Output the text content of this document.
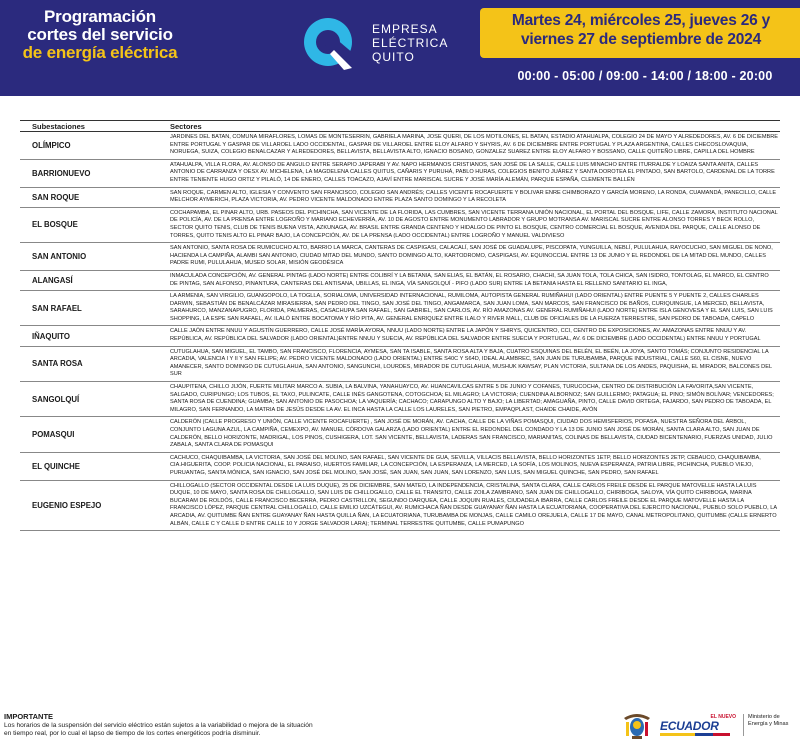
Programación
cortes del servicio
de energía eléctrica
EMPRESA
ELÉCTRICA
QUITO
Martes 24, miércoles 25, jueves 26 y
viernes 27 de septiembre de 2024
00:00 - 05:00 / 09:00 - 14:00 / 18:00 - 20:00
Subestaciones	Sectores
OLÍMPICO
JARDINES DEL BATAN, COMUNA MIRAFLORES, LOMAS DE MONTESERRIN, GABRIELA MARINA, JOSE QUERI, DE LOS MOTILONES, EL BATAN, ESTADIO ATAHUALPA, COLEGIO 24 DE MAYO Y ALREDEDORES, AV. 6 DE DICIEMBRE ENTRE PORTUGAL Y GASPAR DE VILLAROEL LADO OCCIDENTAL, GASPAR DE VILLAROEL ENTRE ELOY ALFARO Y SHYRIS, AV. 6 DE DICIEMBRE ENTRE PORTUGAL Y PLAZA ARGENTINA, CALLES CHECOSLOVAQUIA, NORUEGA, SUIZA, COLEGIO BENALCAZAR Y ALREDEDORES, BELLAVISTA, BELLAVISTA ALTO, IGNACIO BOSANO, GONZALEZ SUAREZ ENTRE ELOY ALFARO Y BOSSANO, CALLE QUITEÑO LIBRE, CAPILLA DEL HOMBRE
BARRIONUEVO
ATAHUALPA, VILLA FLORA, AV. ALONSO DE ANGULO ENTRE SERAPIO JAPERABI Y AV. NAPO HERMANOS CRISTIANOS, SAN JOSÉ DE LA SALLE, CALLE LUIS MINACHO ENTRE ITURRALDE Y LOAIZA SANTA ANITA, CALLES ANTONIO DE CARRANZA Y OESX AV. MICHELENA, LA MAGDELENA CALLES QUITUS, CAÑARIS Y PURUHÁ, PABLO HURAS, COLEGIOS BENITO JUÁREZ Y SANTA DOROTEA EL PINTADO, SAN BARTOLO, CARDENAL DE LA TORRE ENTRE TENIENTE HUGO ORTIZ Y PILALÓ, 14 DE ENERO, CALLES TOACAZO, AJAVÍ ENTRE MARISCAL SUCRE Y JOSÉ MARÍA ALEMÁN, PARQUE ESPAÑA, CLEMENTE BALLÉN
SAN ROQUE
SAN ROQUE, CARMEN ALTO, IGLESIA Y CONVENTO SAN FRANCISCO, COLEGIO SAN ANDRÉS; CALLES VICENTE ROCAFUERTE Y BOLIVAR ENRE CHIMBORAZO Y GARCÍA MORENO, LA RONDA, CUAMANDÁ, PANECILLO, CALLE MELCHOR AYMERICH, PLAZA VICTORIA, AV. PEDRO VICENTE MALDONADO ENTRE PLAZA SANTO DOMINGO Y LA RECOLETA
EL BOSQUE
COCHAPAMBA, EL PINAR ALTO, URB. PASEOS DEL PICHINCHA, SAN VICENTE DE LA FLORIDA, LAS CUMBRES, SAN VICENTE TERRANA UNIÓN NACIONAL, EL PORTAL DEL BOSQUE, LIFE, CALLE ZAMORA, INSTITUTO NACIONAL DE POLICÍA, AV. DE LA PRENSA ENTRE LOGROÑO Y MARIANO ECHEVERRÍA, AV. 10 DE AGOSTO ENTRE MONUMENTO LABRADOR Y GRUPO MOTRANSA AV. MARISCAL SUCRE ENTRE ALONSO TORRES Y BECK ROLLO, SECTOR QUITO TENIS, CLUB DE TENIS BUENA VISTA, AZKUNAGA, AV. BRASIL ENTRE GRANDA CENTENO Y HIDALGO DE PINTO EL BOSQUE, CENTRO COMERCIAL EL BOSQUE, AVENIDA DEL PARQUE, CALLE ALONSO DE TORRES, QUITO TENIS ALTO EL PINAR BAJO, LA CONCEPCIÓN, AV. DE LA PRENSA (LADO OCCIDENTAL) ENTRE LOGROÑO Y MANUEL VALDIVIESO
SAN ANTONIO
SAN ANTONIO, SANTA ROSA DE RUMICUCHO ALTO, BARRIO LA MARCA, CANTERAS DE CASPIGASI, CALACALÍ, SAN JOSÉ DE GUADALUPE, PISCOPATA, YUNGUILLA, NEBLÍ, PULULAHUA, RAYOCUCHO, SAN MIGUEL DE NONO, HACIENDA LA CAMPIÑA, ALAMBI SAN ANTONIO, CIUDAD MITAD DEL MUNDO, SANTO DOMINGO ALTO, KARTODROMO, CASPIGASI, AV. EQUINOCCIAL ENTRE 13 DE JUNIO Y EL REDONDEL DE LA MITAD DEL MUNDO, CALLES PADRE RUMI, PULULAHUA, MUSEO SOLAR, MISIÓN GEODÉSICA
ALANGASÍ
INMACULADA CONCEPCIÓN, AV. GENERAL PINTAG (LADO NORTE) ENTRE COLIBRÍ Y LA BETANIA, SAN ELIAS, EL BATÁN, EL ROSARIO, CHACHI, SA JUAN TOLA, TOLA CHICA, SAN ISIDRO, TONTOLAG, EL MARCO, EL CENTRO DE PINTAG, SAN ALFONSO, PINANTURA, CANTERAS DEL ANTISANA, UBILLAS, EL INGA, VÍA SANGOLQUÍ - PIFO (LADO SUR) ENTRE LA BETANIA HASTA EL RELLENO SANITARIO EL INGA,
SAN RAFAEL
LA ARMENIA, SAN VIRGILIO, GUANGOPOLO, LA TOGLLA, SORIALOMA, UNIVERSIDAD INTERNACIONAL, RUMILOMA, AUTOPISTA GENERAL RUMIÑAHUI (LADO ORIENTAL) ENTRE PUENTE 5 Y PUENTE 2, CALLES CHARLES DARWIN, SEBASTIÁN DE BENALCÁZAR MIRASIERRA, SAN PEDRO DEL TINGO, SAN JOSÉ DEL TINGO, ANGAMARCA, SAN JUAN LOMA, SAN MARCOS, SAN FRANCISCO DE BAÑOS, CURIQUINGUE, LA MERCED, BELLAVISTA, SARAHURCO, MANZANAPUGRO, FLORIDA, PALMERAS, CASACHUPA SAN RAFAEL, SAN GABRIEL, SAN CARLOS, AV. RÍO AMAZONAS AV. GENERAL RUMIÑAHUI (LADO NORTE) ENTRE ISLA GENOVESA Y EL SAN LUIS, SAN LUIS SHOPPING, LA ESPE SAN RAFAEL, AV. ILALÓ ENTRE BOCATOMA Y RÍO PITA, AV. GENERAL ENRIQUEZ ENTRE ILALO Y RIVER MALL, CLUB DE OFICIALES DE LA FUERZA TERRESTRE, SAN PEDRO DE TABOADA, CAPELO
IÑAQUITO
CALLE JAÓN ENTRE NNUU Y AGUSTÍN GUERRERO, CALLE JOSÉ MARÍA AYORA, NNUU (LADO NORTE) ENTRE LA JAPÓN Y SHIRYS, QUICENTRO, CCI, CENTRO DE EXPOSICIONES, AV. AMAZONAS ENTRE NNUU Y AV. REPÚBLICA, AV. REPÚBLICA DEL SALVADOR (LADO ORIENTAL)ENTRE NNUU Y SUECIA, AV. REPÚBLICA DEL SALVADOR ENTRE SUECIA Y PORTUGAL, AV. 6 DE DICIEMBRE (LADO OCCIDENTAL) ENTRE NNUU Y PORTUGAL
SANTA ROSA
CUTUGLAHUA, SAN MIGUEL, EL TAMBO, SAN FRANCISCO, FLORENCIA, AYMESA, SAN TA ISABLE, SANTA ROSA ALTA Y BAJA, CUATRO ESQUINAS DEL BELÉN, EL BEÉN, LA JOYA, SANTO TOMÁS; CONJUNTO RESIDENCIAL LA ARCADIA, VALENCIA I Y II Y SAN FELIPE; AV. PEDRO VICENTE MALDONADO (LADO ORIENTAL) ENTRE S40C Y S64D, IDEAL ALAMBREC, SAN JUAN DE TURUBAMBA, PARQUE INDUSTRIAL, CALLE S60, EL CISNE, NUEVO AMANECER, SANTO DOMINGO DE CUTUGLAHUA, SAN ANTONIO, SANGUNCHI, LOURDES, MIRADOR DE CUTUGLAHUA, MUSHUK KAWSAY, PLAN VICTORIA, SULTANA DE LOS ANDES, PAQUISHA, EL MIRADOR, BALCONES DEL SUR
SANGOLQUÍ
CHAUPITENA, CHILLO JIJÓN, FUERTE MILITAR MARCO A. SUBIA, LA BALVINA, YANAHUAYCO, AV. HUANCAVILCAS ENTRE 5 DE JUNIO Y COFANES, TURUCOCHA, CENTRO DE DISTRIBUCIÓN LA FAVORITA,SAN VICENTE, SALGADO, CURIPUNGO; LOS TUBOS, EL TAXO, PULINCATE, CALLE INÉS GANGOTENA, COTOGCHOA; EL MILAGRO; LA VICTORIA; CUENDINA ALBORNOZ; SAN GUILLERMO; PATAGUA; EL PINO; SIMÓN BOLÍVAR; VENCEDORES; SANTA ROSA DE CUENDINA; GUAMBA; SAN ANTONIO DE PASOCHOA; LA VAQUERÍA; CACHACO; CARAPUNGO ALTO Y BAJO; LA LIBERTAD; AMAGUAÑA, PINTO, CALLE DAVID ORTEGA, FAJARDO, SAN PEDRO DE TABOADA, EL MILAGRO, SAN FERNANDO, LA MATRIA DE JESÚS DESDE LA AV. EL INCA HASTA LA CALLE LOS LAURELES, SAN PIETRO, EMPAQPLAST, CHAIDE CHAIDE, AVÓN
POMASQUI
CALDERÓN (CALLE PROGRESO Y UNIÓN, CALLE VICENTE ROCAFUERTE) , SAN JOSÉ DE MORÁN, AV. CACHA, CALLE DE LA VIÑAS POMASQUI, CIUDAD DOS HEMISFERIOS, POFASA, NUESTRA SEÑORA DEL ÁRBOL, CONJUNTO LAGUNA AZUL, LA CAMPIÑA, CEMEXPO, AV. MANUEL CÓRDOVA GALARZA (LADO ORIENTAL) ENTRE EL REDONDEL DEL CONDADO Y LA 13 DE JUNIO SAN JOSÉ DE MORÁN, SANTA CLARA ALTO, SAN JUAN DE CALDERÓN, BELLO HORIZONTE, MADRIGAL, LOS PINOS, CUSHIGERA, LOT. SAN VICENTE, BELLAVISTA, LADERAS SAN FRANCISCO, MARIANITAS, COLINAS DE BELLAVISTA, CIUDAD BICENTENARIO, FUERZAS UNIDAD, JULIO ZABALA, SANTA CLARA DE POMASQUI
EL QUINCHE
CACHUCO, CHAQUIBAMBA, LA VICTORIA, SAN JOSÉ DEL MOLINO, SAN RAFAEL, SAN VICENTE DE GUA, SEVILLA, VILLACIS BELLAVISTA, BELLO HORIZONTES 1ETP, BELLO HORIZONTES 2ETP, CEBAUCO, CHAQUIBAMBA, CIA.HIGUERITA, COOP. POLICIA NACIONAL, EL PARAISO, HUERTOS FAMILIAR, LA CONCEPCIÓN, LA ESPERANZA, LA MERCED, LA SOFÍA, LOS MOLINOS, NUEVA ESPERANZA, PATRIA LIBRE, PICHINCHA, PUEBLO VIEJO, PURUANTAG, SANTA MÓNICA, SAN IGNACIO, SAN JOSÉ DEL MOLINO, SAN JOSÉ, SAN JUAN, SAN JUAN, SAN LORENZO, SAN LUIS, SAN MIGUEL QUINCHE, SAN PEDRO, SAN RAFAEL
EUGENIO ESPEJO
CHILLOGALLO (SECTOR OCCIDENTAL DESDE LA LUIS DUQUE), 25 DE DICIEMBRE, SAN MATEO, LA INDEPENDENCIA, CRISTALINA, SANTA CLARA, CALLE CARLOS FREILE DESDE EL PARQUE MATOVELLE HASTA LA LUIS DUQUE, 10 DE MAYO, SANTA ROSA DE CHILLOGALLO, SAN LUIS DE CHILLOGALLO, CALLE EL TRANSITO, CALLE ZOILA ZAMBRANO, SAN JUAN DE CHILLOGALLO, CHIRIBOGA, SALOYA, VÍA QUITO CHIRIBOGA, MARINA BUCARAM DE ROLDÓS, CALLE FRANCISCO BECERRA, PEDRO CASTRILLON, SEGUNDO DARQUEA, CALLE JOQUIN RUALES, CIUDADELA IBARRA, CALLE CARLOS FREILE DESDE EL PARQUE MATOVELLE HASTA LA FRANCISCO LÓPEZ, PARQUE CENTRAL CHILLOGALLO, CALLE EMILIO UZCÁTEGUI, AV. RUMICHACA ÑAN DESDE GUAYANAY ÑAN HASTA LA ECUATORIANA, COOPERATIVA DEL EJERCITO NACIONAL, PUEBLO SOLO PUEBLO, LA ARCADIA, AV. QUITUMBE ÑAN ENTRE GUAYANAY ÑAN HASTA QUILLA ÑAN, LA ECUATORIANA, TURUBAMBA DE MONJAS, CALLE CAMILO OREJUELA, CALLE 17 DE MAYO, CANAL METROPOLITANO, QUITUMBE (CALLE ERNERTO ALBÁN, CALLE C Y CALLE D ENTRE CALLE 10 Y JORGE SALVADOR LARA); TERMINAL TERRESTRE QUITUMBE, CALLE PUMAPUNGO
IMPORTANTE
Los horarios de la suspensión del servicio eléctrico están sujetos a la variabilidad o mejora de la situación
en tiempo real, por lo cual el lapso de tiempo de los cortes energéticos podría disminuir.
EL NUEVO
ECUADOR
Ministerio de
Energía y Minas
